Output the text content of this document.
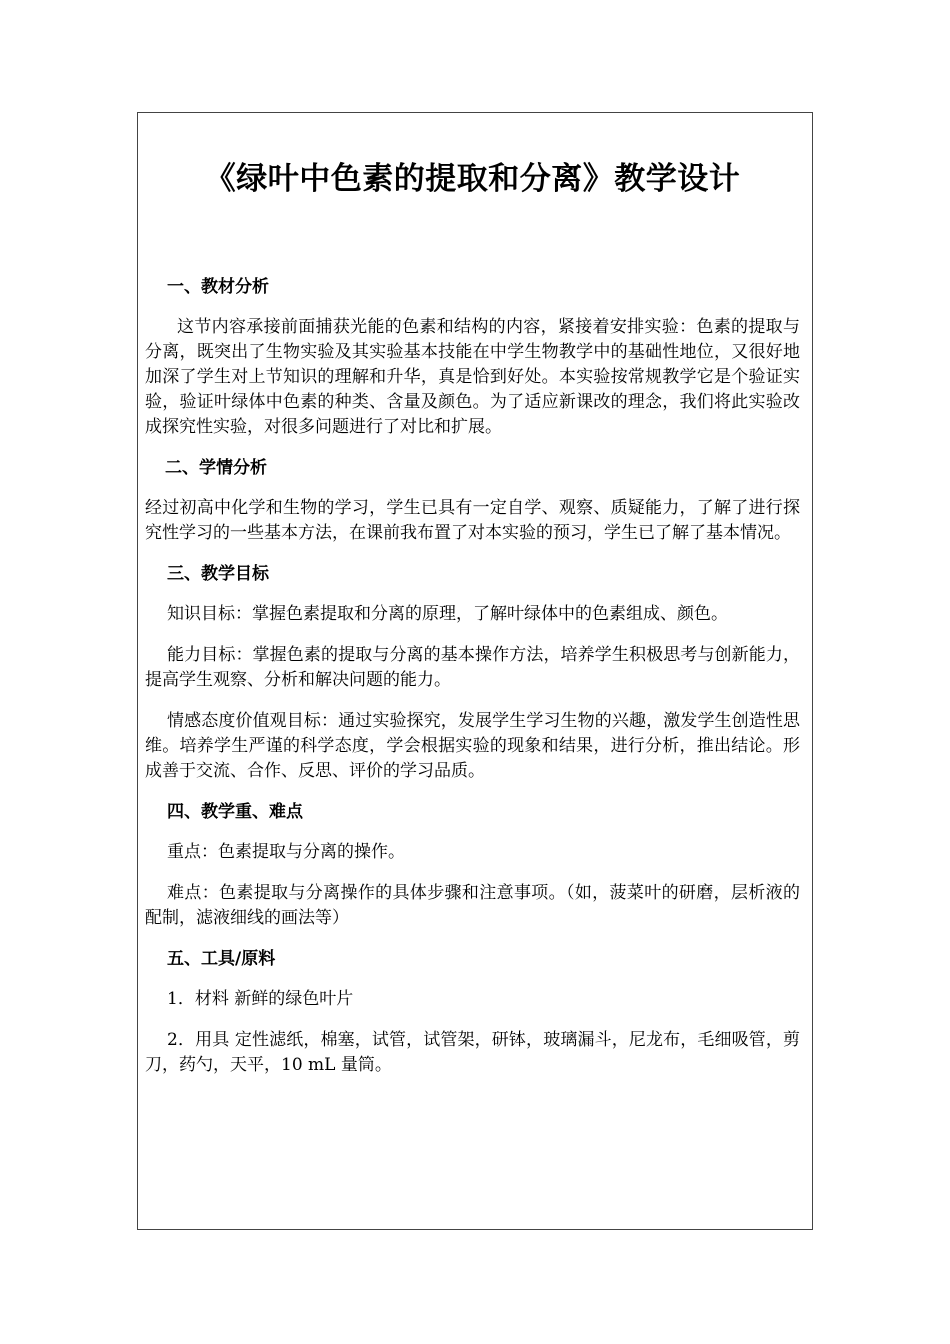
《绿叶中色素的提取和分离》教学设计
一、教材分析

这节内容承接前面捕获光能的色素和结构的内容，紧接着安排实验：色素的提取与分离，既突出了生物实验及其实验基本技能在中学生物教学中的基础性地位，又很好地加深了学生对上节知识的理解和升华，真是恰到好处。本实验按常规教学它是个验证实验，验证叶绿体中色素的种类、含量及颜色。为了适应新课改的理念，我们将此实验改成探究性实验，对很多问题进行了对比和扩展。

二、学情分析

经过初高中化学和生物的学习，学生已具有一定自学、观察、质疑能力，了解了进行探究性学习的一些基本方法，在课前我布置了对本实验的预习，学生已了解了基本情况。

三、教学目标

知识目标：掌握色素提取和分离的原理，了解叶绿体中的色素组成、颜色。

能力目标：掌握色素的提取与分离的基本操作方法，培养学生积极思考与创新能力，提高学生观察、分析和解决问题的能力。

情感态度价值观目标：通过实验探究，发展学生学习生物的兴趣，激发学生创造性思维。培养学生严谨的科学态度，学会根据实验的现象和结果，进行分析，推出结论。形成善于交流、合作、反思、评价的学习品质。

四、教学重、难点

重点：色素提取与分离的操作。

难点：色素提取与分离操作的具体步骤和注意事项。（如，菠菜叶的研磨，层析液的配制，滤液细线的画法等）

五、工具/原料

1．材料 新鲜的绿色叶片

2．用具 定性滤纸，棉塞，试管，试管架，研钵，玻璃漏斗，尼龙布，毛细吸管，剪刀，药勺，天平，10 mL 量筒。
